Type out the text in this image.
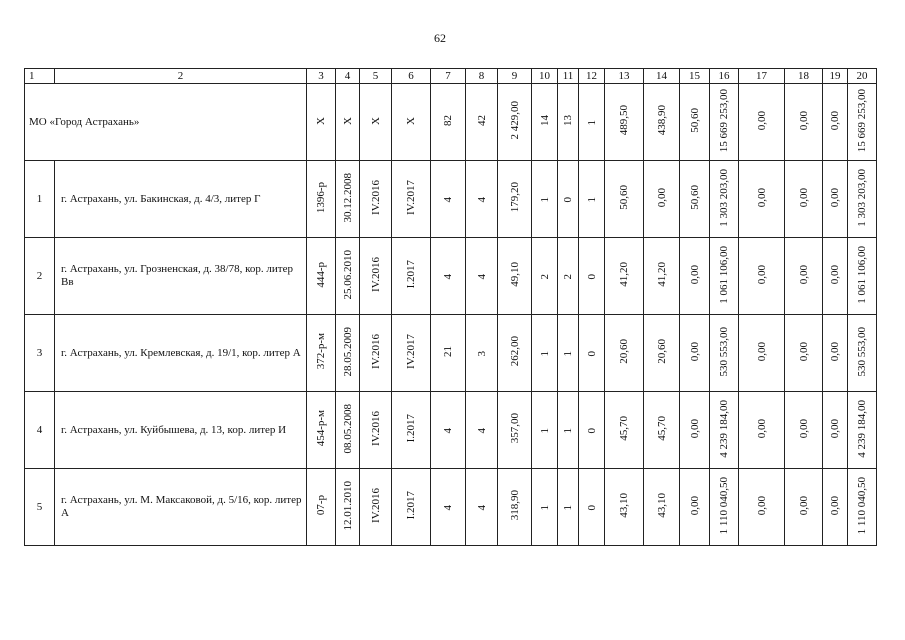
62
1	2	3	4	5	6	7	8	9	10	11	12	13	14	15	16	17	18	19	20
МО «Город Астрахань»		Х	Х	Х	Х	82	42	2 429,00	14	13	1	489,50	438,90	50,60	15 669 253,00	0,00	0,00	0,00	15 669 253,00
1	г. Астрахань, ул. Бакинская, д. 4/3, литер Г	1396-р	30.12.2008	IV.2016	IV.2017	4	4	179,20	1	0	1	50,60	0,00	50,60	1 303 203,00	0,00	0,00	0,00	1 303 203,00
2	г. Астрахань, ул. Грозненская, д. 38/78, кор. литер Вв	444-р	25.06.2010	IV.2016	I.2017	4	4	49,10	2	2	0	41,20	41,20	0,00	1 061 106,00	0,00	0,00	0,00	1 061 106,00
3	г. Астрахань, ул. Кремлевская, д. 19/1, кор. литер А	372-р-м	28.05.2009	IV.2016	IV.2017	21	3	262,00	1	1	0	20,60	20,60	0,00	530 553,00	0,00	0,00	0,00	530 553,00
4	г. Астрахань, ул. Куйбышева, д. 13, кор. литер И	454-р-м	08.05.2008	IV.2016	I.2017	4	4	357,00	1	1	0	45,70	45,70	0,00	4 239 184,00	0,00	0,00	0,00	4 239 184,00
5	г. Астрахань, ул. М. Максаковой, д. 5/16, кор. литер А	07-р	12.01.2010	IV.2016	I.2017	4	4	318,90	1	1	0	43,10	43,10	0,00	1 110 040,50	0,00	0,00	0,00	1 110 040,50
